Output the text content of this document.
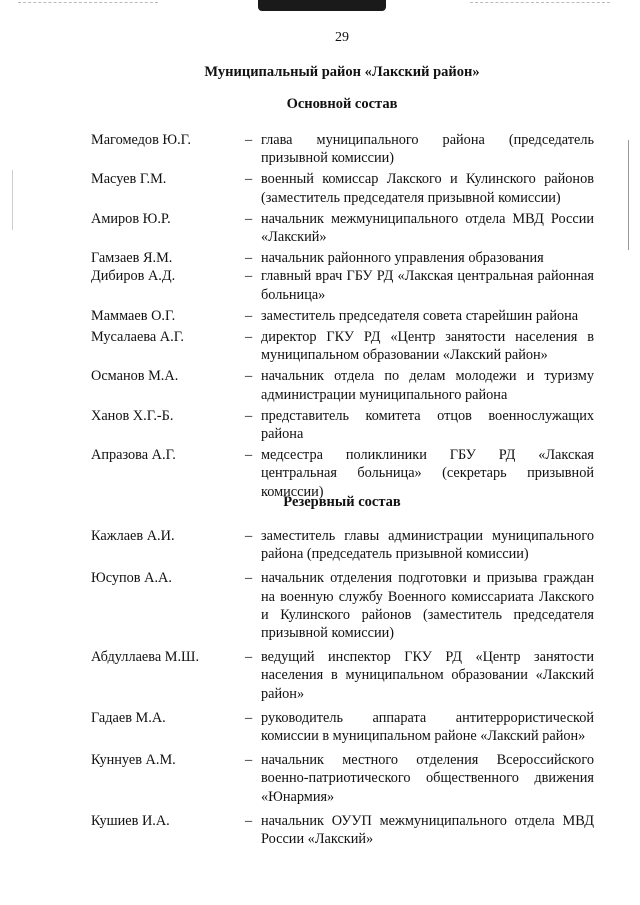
29
Муниципальный район «Лакский район»
Основной состав
Магомедов Ю.Г.	– глава муниципального района (председатель призывной комиссии)
Масуев Г.М.	– военный комиссар Лакского и Кулинского районов (заместитель председателя призывной комиссии)
Амиров Ю.Р.	– начальник межмуниципального отдела МВД России «Лакский»
Гамзаев Я.М.	– начальник районного управления образования
Дибиров А.Д.	– главный врач ГБУ РД «Лакская центральная районная больница»
Маммаев О.Г.	– заместитель председателя совета старейшин района
Мусалаева А.Г.	– директор ГКУ РД «Центр занятости населения в муниципальном образовании «Лакский район»
Османов М.А.	– начальник отдела по делам молодежи и туризму администрации муниципального района
Ханов Х.Г.-Б.	– представитель комитета отцов военнослужащих района
Апразова А.Г.	– медсестра поликлиники ГБУ РД «Лакская центральная больница» (секретарь призывной комиссии)
Резервный состав
Кажлаев А.И.	– заместитель главы администрации муниципального района (председатель призывной комиссии)
Юсупов А.А.	– начальник отделения подготовки и призыва граждан на военную службу Военного комиссариата Лакского и Кулинского районов (заместитель председателя призывной комиссии)
Абдуллаева М.Ш.	– ведущий инспектор ГКУ РД «Центр занятости населения в муниципальном образовании «Лакский район»
Гадаев М.А.	– руководитель аппарата антитеррористической комиссии в муниципальном районе «Лакский район»
Куннуев А.М.	– начальник местного отделения Всероссийского военно-патриотического общественного движения «Юнармия»
Кушиев И.А.	– начальник ОУУП межмуниципального отдела МВД России «Лакский»
